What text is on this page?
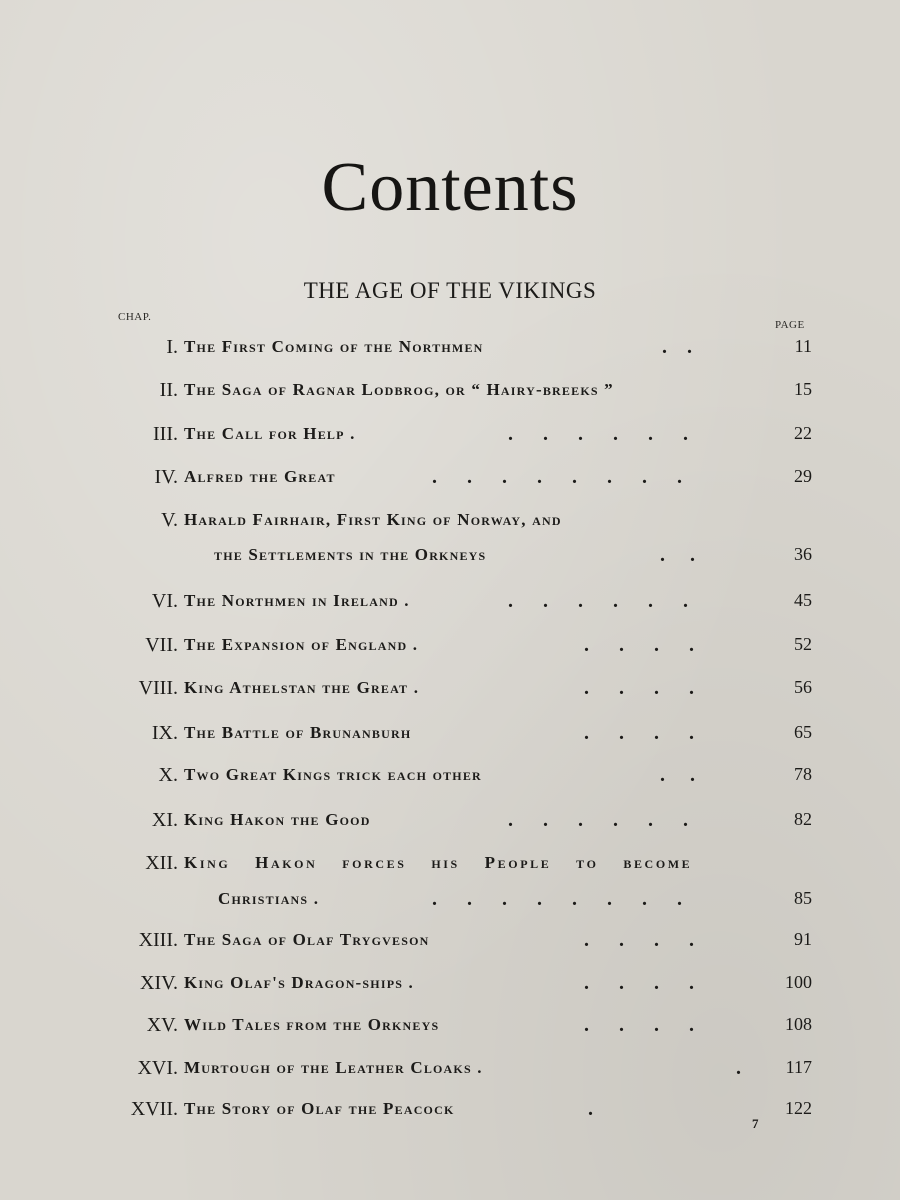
Contents
THE AGE OF THE VIKINGS
CHAP.
PAGE
I. The First Coming of the Northmen	.    .	11
II. The Saga of Ragnar Lodbrog, or “ Hairy-breeks ”	15
III. The Call for Help .	.      .      .      .      .      .	22
IV. Alfred the Great	.      .      .      .      .      .      .      .	29
V. Harald Fairhair, First King of Norway, and
the Settlements in the Orkneys	.     .	36
VI. The Northmen in Ireland .	.      .      .      .      .      .	45
VII. The Expansion of England .	.      .      .      .	52
VIII. King Athelstan the Great .	.      .      .      .	56
IX. The Battle of Brunanburh	.      .      .      .	65
X. Two Great Kings trick each other	.     .	78
XI. King Hakon the Good	.      .      .      .      .      .	82
XII. King Hakon forces his People to become
Christians .	.      .      .      .      .      .      .      .	85
XIII. The Saga of Olaf Trygveson	.      .      .      .	91
XIV. King Olaf's Dragon-ships .	.      .      .      .	100
XV. Wild Tales from the Orkneys	.      .      .      .	108
XVI. Murtough of the Leather Cloaks .	. 117
XVII. The Story of Olaf the Peacock	.	122
7
